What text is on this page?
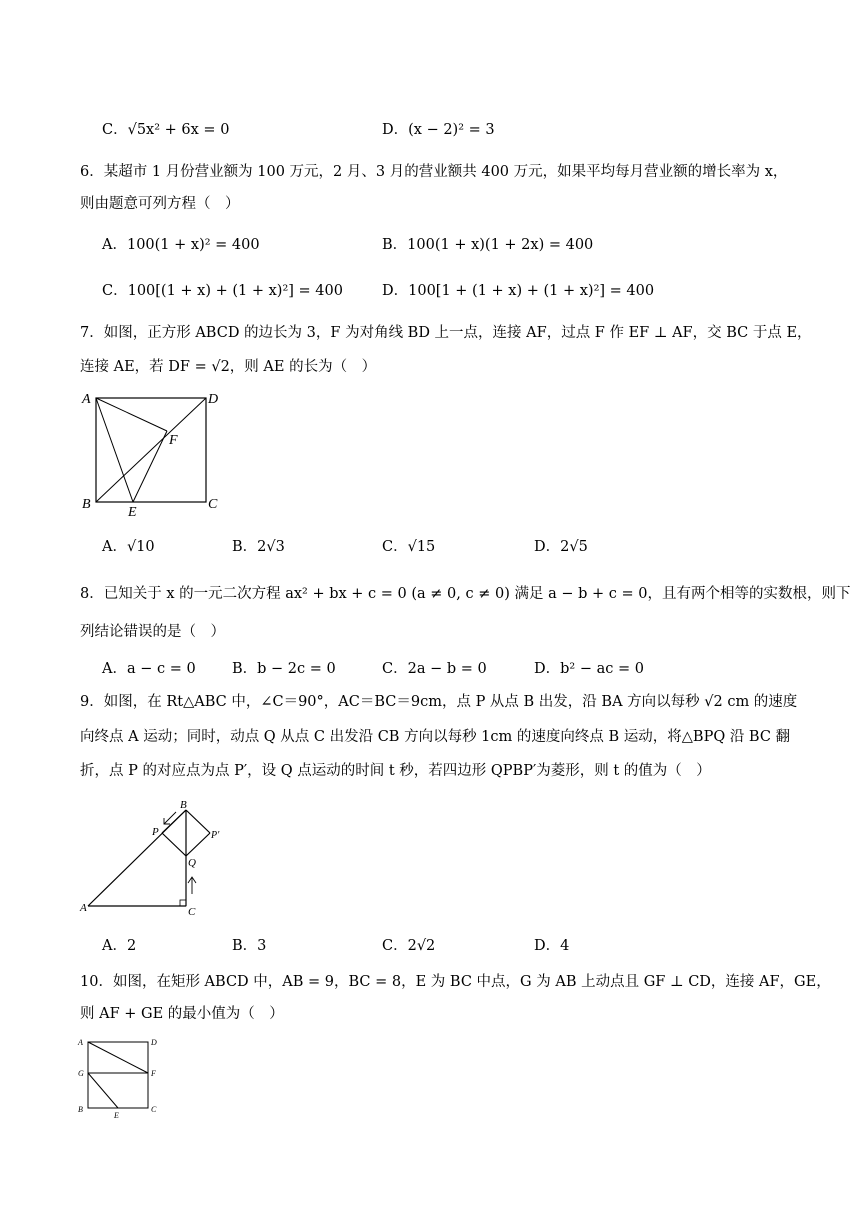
C．√5x² + 6x = 0	D．(x − 2)² = 3
6．某超市 1 月份营业额为 100 万元，2 月、3 月的营业额共 400 万元，如果平均每月营业额的增长率为 x，
则由题意可列方程（　）
A．100(1 + x)² = 400	B．100(1 + x)(1 + 2x) = 400
C．100[(1 + x) + (1 + x)²] = 400	D．100[1 + (1 + x) + (1 + x)²] = 400
7．如图，正方形 ABCD 的边长为 3，F 为对角线 BD 上一点，连接 AF，过点 F 作 EF ⊥ AF，交 BC 于点 E，
连接 AE，若 DF = √2，则 AE 的长为（　）
A	D
F
B
E
C
A．√10	B．2√3	C．√15	D．2√5
8．已知关于 x 的一元二次方程 ax² + bx + c = 0 (a ≠ 0, c ≠ 0) 满足 a − b + c = 0，且有两个相等的实数根，则下
列结论错误的是（　）
A．a − c = 0	B．b − 2c = 0	C．2a − b = 0	D．b² − ac = 0
9．如图，在 Rt△ABC 中，∠C＝90°，AC＝BC＝9cm，点 P 从点 B 出发，沿 BA 方向以每秒 √2 cm 的速度
向终点 A 运动；同时，动点 Q 从点 C 出发沿 CB 方向以每秒 1cm 的速度向终点 B 运动，将△BPQ 沿 BC 翻
折，点 P 的对应点为点 P′，设 Q 点运动的时间 t 秒，若四边形 QPBP′为菱形，则 t 的值为（　）
B
P	P′
Q
A	C
A．2	B．3	C．2√2	D．4
10．如图，在矩形 ABCD 中，AB = 9，BC = 8，E 为 BC 中点，G 为 AB 上动点且 GF ⊥ CD，连接 AF，GE，
则 AF + GE 的最小值为（　）
A	D
G	F
B
E
C
